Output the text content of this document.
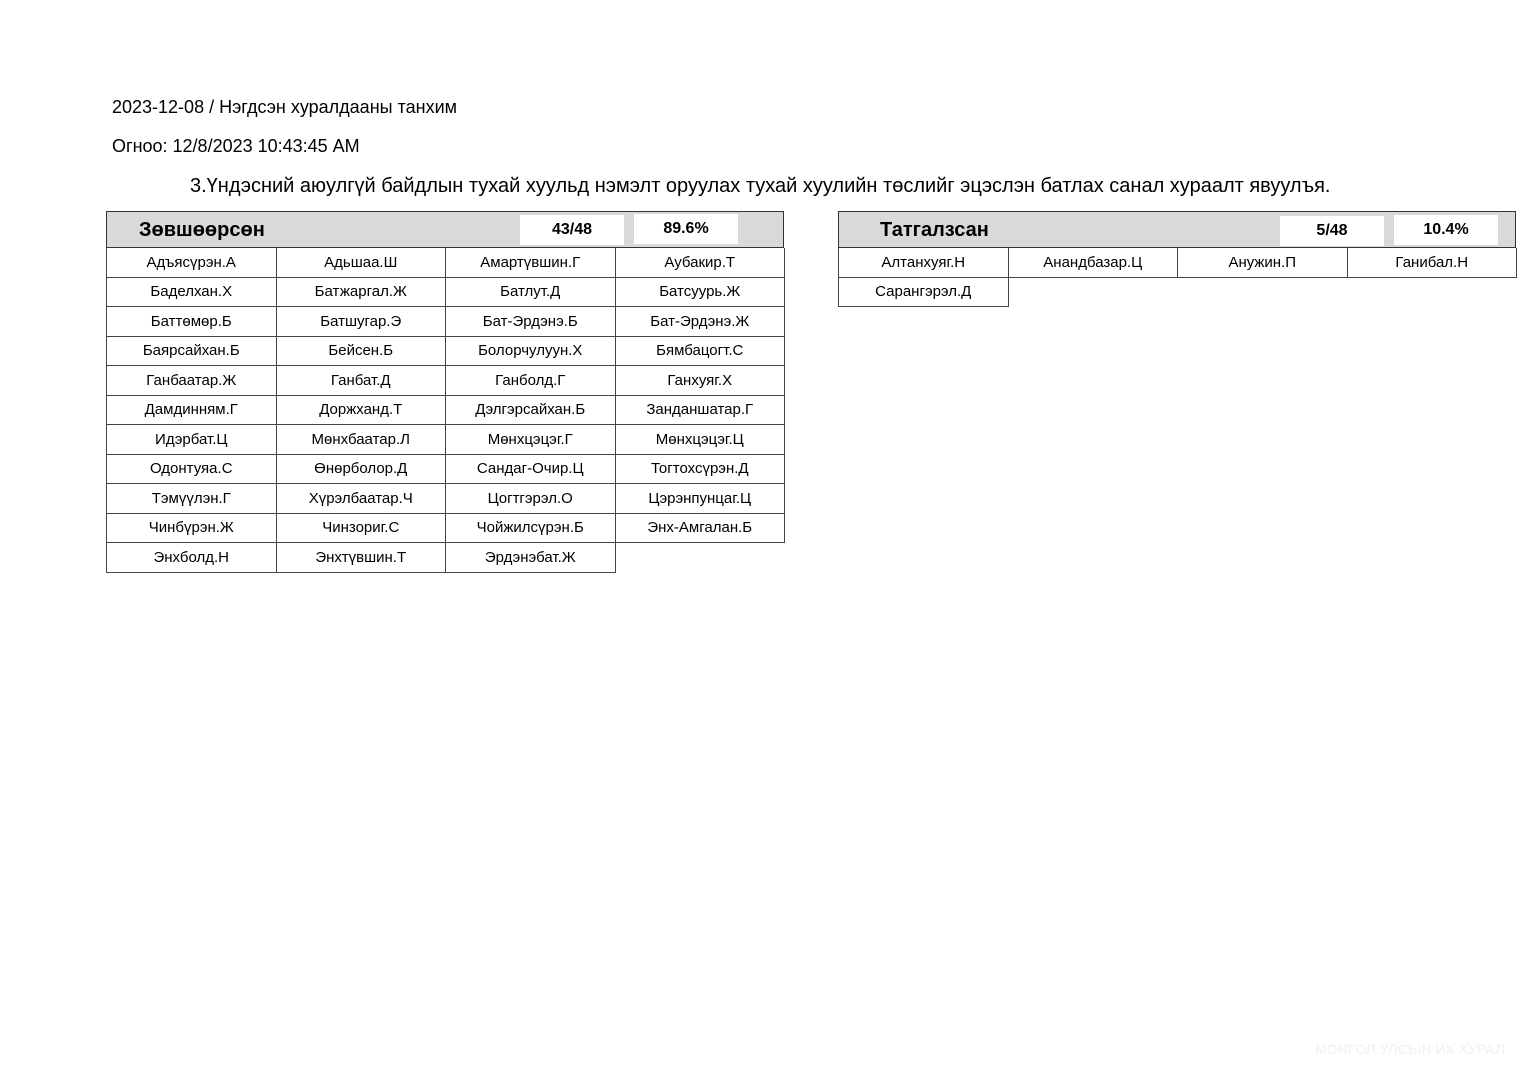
2023-12-08 / Нэгдсэн хуралдааны танхим
Огноо: 12/8/2023 10:43:45 AM
3.Үндэсний аюулгүй байдлын тухай хуульд нэмэлт оруулах тухай хуулийн төслийг эцэслэн батлах санал хураалт явуулъя.
Зөвшөөрсөн	43/48	89.6%
Адъясүрэн.А	Адьшаа.Ш	Амартүвшин.Г	Аубакир.Т
Баделхан.Х	Батжаргал.Ж	Батлут.Д	Батсуурь.Ж
Баттөмөр.Б	Батшугар.Э	Бат-Эрдэнэ.Б	Бат-Эрдэнэ.Ж
Баярсайхан.Б	Бейсен.Б	Болорчулуун.Х	Бямбацогт.С
Ганбаатар.Ж	Ганбат.Д	Ганболд.Г	Ганхуяг.Х
Дамдинням.Г	Доржханд.Т	Дэлгэрсайхан.Б	Занданшатар.Г
Идэрбат.Ц	Мөнхбаатар.Л	Мөнхцэцэг.Г	Мөнхцэцэг.Ц
Одонтуяа.С	Өнөрболор.Д	Сандаг-Очир.Ц	Тогтохсүрэн.Д
Тэмүүлэн.Г	Хүрэлбаатар.Ч	Цогтгэрэл.О	Цэрэнпунцаг.Ц
Чинбүрэн.Ж	Чинзориг.С	Чойжилсүрэн.Б	Энх-Амгалан.Б
Энхболд.Н	Энхтүвшин.Т	Эрдэнэбат.Ж
Татгалзсан	5/48	10.4%
Алтанхуяг.Н	Анандбазар.Ц	Анужин.П	Ганибал.Н
Сарангэрэл.Д
МОНГОЛ УЛСЫН ИХ ХУРАЛ
